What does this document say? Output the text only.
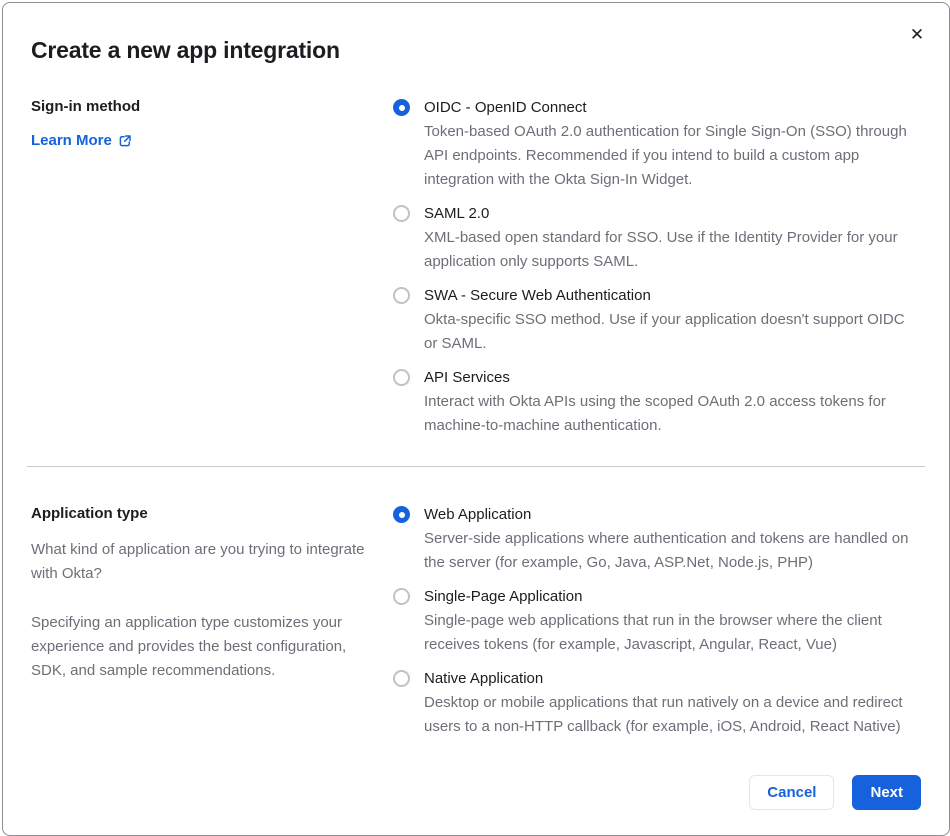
Create a new app integration
✕
Sign-in method
Learn More
OIDC - OpenID Connect
Token-based OAuth 2.0 authentication for Single Sign-On (SSO) through API endpoints. Recommended if you intend to build a custom app integration with the Okta Sign-In Widget.
SAML 2.0
XML-based open standard for SSO. Use if the Identity Provider for your application only supports SAML.
SWA - Secure Web Authentication
Okta-specific SSO method. Use if your application doesn't support OIDC or SAML.
API Services
Interact with Okta APIs using the scoped OAuth 2.0 access tokens for machine-to-machine authentication.
Application type

What kind of application are you trying to integrate with Okta?

Specifying an application type customizes your experience and provides the best configuration, SDK, and sample recommendations.

Web Application
Server-side applications where authentication and tokens are handled on the server (for example, Go, Java, ASP.Net, Node.js, PHP)
Single-Page Application
Single-page web applications that run in the browser where the client receives tokens (for example, Javascript, Angular, React, Vue)
Native Application
Desktop or mobile applications that run natively on a device and redirect users to a non-HTTP callback (for example, iOS, Android, React Native)
Cancel	Next
